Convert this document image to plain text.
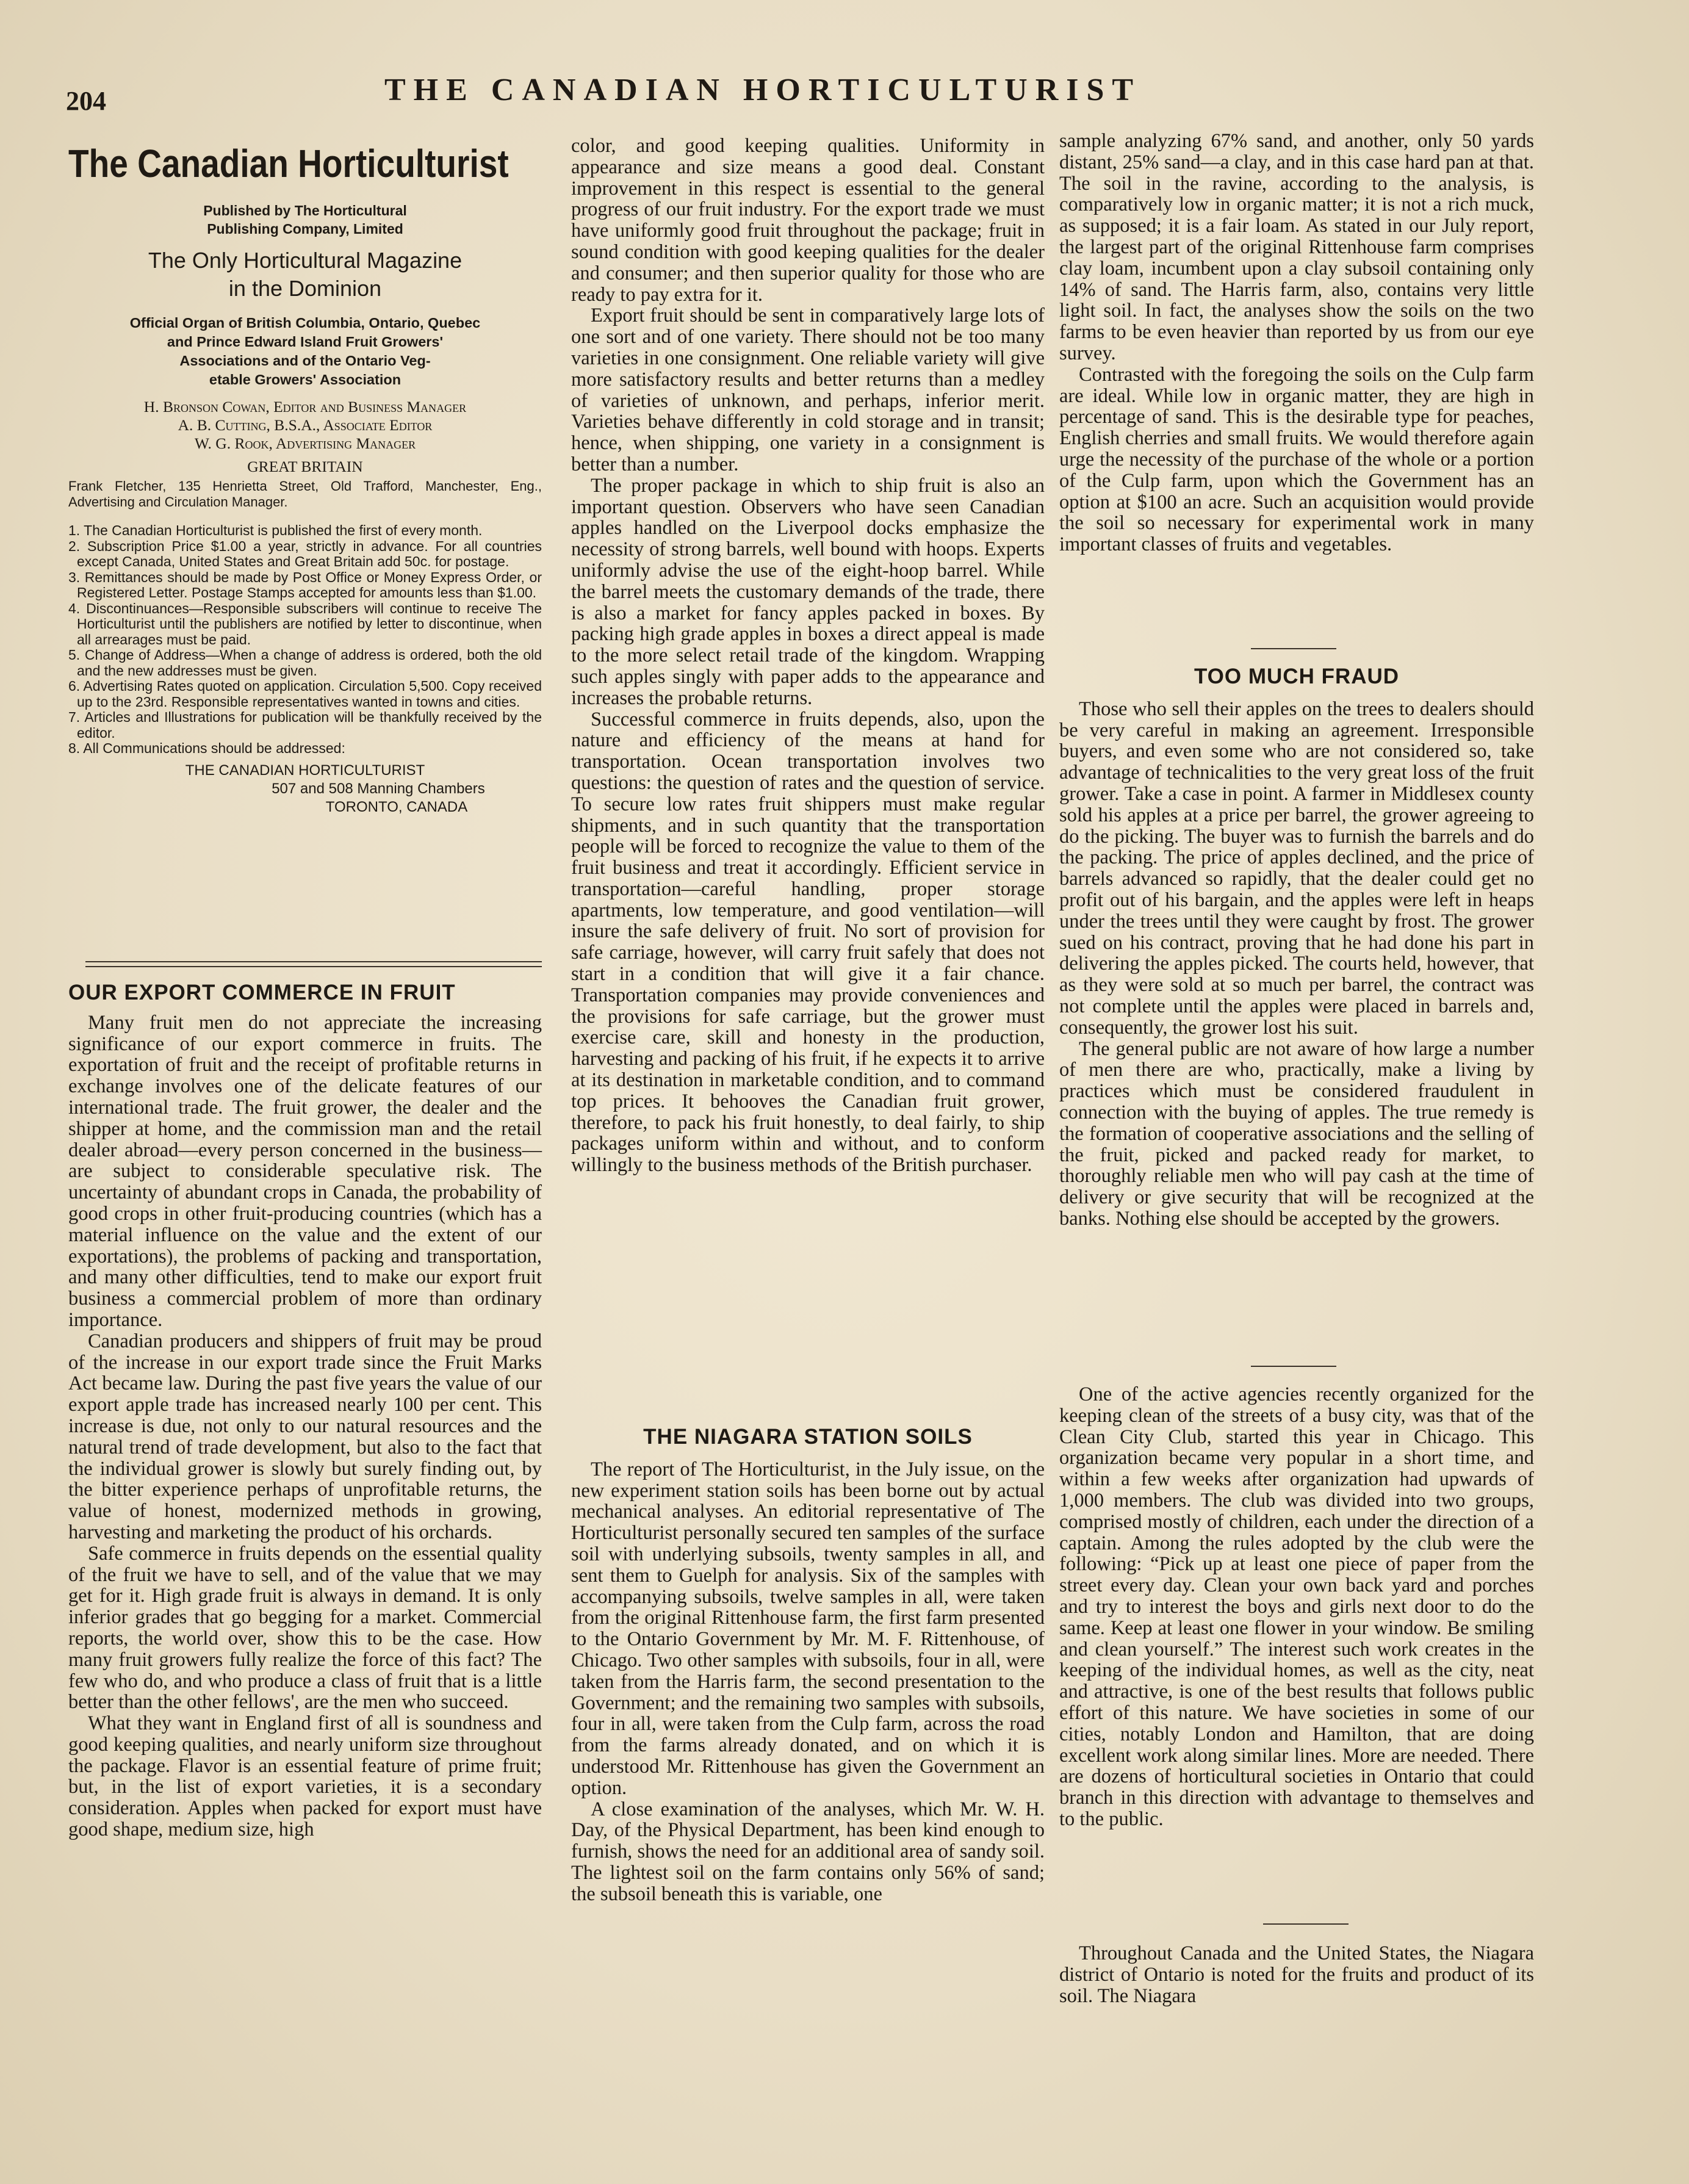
204	THE CANADIAN HORTICULTURIST
The Canadian Horticulturist
Published by The Horticultural
Publishing Company, Limited
The Only Horticultural Magazine
in the Dominion
Official Organ of British Columbia, Ontario, Quebec
and Prince Edward Island Fruit Growers'
Associations and of the Ontario Veg-
etable Growers' Association
H. Bronson Cowan, Editor and Business Manager
A. B. Cutting, B.S.A., Associate Editor
W. G. Rook, Advertising Manager
GREAT BRITAIN
Frank Fletcher, 135 Henrietta Street, Old Trafford, Manchester, Eng., Advertising and Circulation Manager.

1. The Canadian Horticulturist is published the first of every month.

2. Subscription Price $1.00 a year, strictly in advance. For all countries except Canada, United States and Great Britain add 50c. for postage.

3. Remittances should be made by Post Office or Money Express Order, or Registered Letter. Postage Stamps accepted for amounts less than $1.00.

4. Discontinuances—Responsible subscribers will continue to receive The Horticulturist until the publishers are notified by letter to discontinue, when all arrearages must be paid.

5. Change of Address—When a change of address is ordered, both the old and the new addresses must be given.

6. Advertising Rates quoted on application. Circulation 5,500. Copy received up to the 23rd. Responsible representatives wanted in towns and cities.

7. Articles and Illustrations for publication will be thankfully received by the editor.

8. All Communications should be addressed:

THE CANADIAN HORTICULTURIST
507 and 508 Manning Chambers
TORONTO, CANADA
OUR EXPORT COMMERCE IN FRUIT

Many fruit men do not appreciate the increasing significance of our export commerce in fruits. The exportation of fruit and the receipt of profitable returns in exchange involves one of the delicate features of our international trade. The fruit grower, the dealer and the shipper at home, and the commission man and the retail dealer abroad—every person concerned in the business—are subject to considerable speculative risk. The uncertainty of abundant crops in Canada, the probability of good crops in other fruit-producing countries (which has a material influence on the value and the extent of our exportations), the problems of packing and transportation, and many other difficulties, tend to make our export fruit business a commercial problem of more than ordinary importance.

Canadian producers and shippers of fruit may be proud of the increase in our export trade since the Fruit Marks Act became law. During the past five years the value of our export apple trade has increased nearly 100 per cent. This increase is due, not only to our natural resources and the natural trend of trade development, but also to the fact that the individual grower is slowly but surely finding out, by the bitter experience perhaps of unprofitable returns, the value of honest, modernized methods in growing, harvesting and marketing the product of his orchards.

Safe commerce in fruits depends on the essential quality of the fruit we have to sell, and of the value that we may get for it. High grade fruit is always in demand. It is only inferior grades that go begging for a market. Commercial reports, the world over, show this to be the case. How many fruit growers fully realize the force of this fact? The few who do, and who produce a class of fruit that is a little better than the other fellows', are the men who succeed.

What they want in England first of all is soundness and good keeping qualities, and nearly uniform size throughout the package. Flavor is an essential feature of prime fruit; but, in the list of export varieties, it is a secondary consideration. Apples when packed for export must have good shape, medium size, high

color, and good keeping qualities. Uniformity in appearance and size means a good deal. Constant improvement in this respect is essential to the general progress of our fruit industry. For the export trade we must have uniformly good fruit throughout the package; fruit in sound condition with good keeping qualities for the dealer and consumer; and then superior quality for those who are ready to pay extra for it.

Export fruit should be sent in comparatively large lots of one sort and of one variety. There should not be too many varieties in one consignment. One reliable variety will give more satisfactory results and better returns than a medley of varieties of unknown, and perhaps, inferior merit. Varieties behave differently in cold storage and in transit; hence, when shipping, one variety in a consignment is better than a number.

The proper package in which to ship fruit is also an important question. Observers who have seen Canadian apples handled on the Liverpool docks emphasize the necessity of strong barrels, well bound with hoops. Experts uniformly advise the use of the eight-hoop barrel. While the barrel meets the customary demands of the trade, there is also a market for fancy apples packed in boxes. By packing high grade apples in boxes a direct appeal is made to the more select retail trade of the kingdom. Wrapping such apples singly with paper adds to the appearance and increases the probable returns.

Successful commerce in fruits depends, also, upon the nature and efficiency of the means at hand for transportation. Ocean transportation involves two questions: the question of rates and the question of service. To secure low rates fruit shippers must make regular shipments, and in such quantity that the transportation people will be forced to recognize the value to them of the fruit business and treat it accordingly. Efficient service in transportation—careful handling, proper storage apartments, low temperature, and good ventilation—will insure the safe delivery of fruit. No sort of provision for safe carriage, however, will carry fruit safely that does not start in a condition that will give it a fair chance. Transportation companies may provide conveniences and the provisions for safe carriage, but the grower must exercise care, skill and honesty in the production, harvesting and packing of his fruit, if he expects it to arrive at its destination in marketable condition, and to command top prices. It behooves the Canadian fruit grower, therefore, to pack his fruit honestly, to deal fairly, to ship packages uniform within and without, and to conform willingly to the business methods of the British purchaser.

THE NIAGARA STATION SOILS

The report of The Horticulturist, in the July issue, on the new experiment station soils has been borne out by actual mechanical analyses. An editorial representative of The Horticulturist personally secured ten samples of the surface soil with underlying subsoils, twenty samples in all, and sent them to Guelph for analysis. Six of the samples with accompanying subsoils, twelve samples in all, were taken from the original Rittenhouse farm, the first farm presented to the Ontario Government by Mr. M. F. Rittenhouse, of Chicago. Two other samples with subsoils, four in all, were taken from the Harris farm, the second presentation to the Government; and the remaining two samples with subsoils, four in all, were taken from the Culp farm, across the road from the farms already donated, and on which it is understood Mr. Rittenhouse has given the Government an option.

A close examination of the analyses, which Mr. W. H. Day, of the Physical Department, has been kind enough to furnish, shows the need for an additional area of sandy soil. The lightest soil on the farm contains only 56% of sand; the subsoil beneath this is variable, one

sample analyzing 67% sand, and another, only 50 yards distant, 25% sand—a clay, and in this case hard pan at that. The soil in the ravine, according to the analysis, is comparatively low in organic matter; it is not a rich muck, as supposed; it is a fair loam. As stated in our July report, the largest part of the original Rittenhouse farm comprises clay loam, incumbent upon a clay subsoil containing only 14% of sand. The Harris farm, also, contains very little light soil. In fact, the analyses show the soils on the two farms to be even heavier than reported by us from our eye survey.

Contrasted with the foregoing the soils on the Culp farm are ideal. While low in organic matter, they are high in percentage of sand. This is the desirable type for peaches, English cherries and small fruits. We would therefore again urge the necessity of the purchase of the whole or a portion of the Culp farm, upon which the Government has an option at $100 an acre. Such an acquisition would provide the soil so necessary for experimental work in many important classes of fruits and vegetables.

TOO MUCH FRAUD

Those who sell their apples on the trees to dealers should be very careful in making an agreement. Irresponsible buyers, and even some who are not considered so, take advantage of technicalities to the very great loss of the fruit grower. Take a case in point. A farmer in Middlesex county sold his apples at a price per barrel, the grower agreeing to do the picking. The buyer was to furnish the barrels and do the packing. The price of apples declined, and the price of barrels advanced so rapidly, that the dealer could get no profit out of his bargain, and the apples were left in heaps under the trees until they were caught by frost. The grower sued on his contract, proving that he had done his part in delivering the apples picked. The courts held, however, that as they were sold at so much per barrel, the contract was not complete until the apples were placed in barrels and, consequently, the grower lost his suit.

The general public are not aware of how large a number of men there are who, practically, make a living by practices which must be considered fraudulent in connection with the buying of apples. The true remedy is the formation of cooperative associations and the selling of the fruit, picked and packed ready for market, to thoroughly reliable men who will pay cash at the time of delivery or give security that will be recognized at the banks. Nothing else should be accepted by the growers.

One of the active agencies recently organized for the keeping clean of the streets of a busy city, was that of the Clean City Club, started this year in Chicago. This organization became very popular in a short time, and within a few weeks after organization had upwards of 1,000 members. The club was divided into two groups, comprised mostly of children, each under the direction of a captain. Among the rules adopted by the club were the following: “Pick up at least one piece of paper from the street every day. Clean your own back yard and porches and try to interest the boys and girls next door to do the same. Keep at least one flower in your window. Be smiling and clean yourself.” The interest such work creates in the keeping of the individual homes, as well as the city, neat and attractive, is one of the best results that follows public effort of this nature. We have societies in some of our cities, notably London and Hamilton, that are doing excellent work along similar lines. More are needed. There are dozens of horticultural societies in Ontario that could branch in this direction with advantage to themselves and to the public.

Throughout Canada and the United States, the Niagara district of Ontario is noted for the fruits and product of its soil. The Niagara
